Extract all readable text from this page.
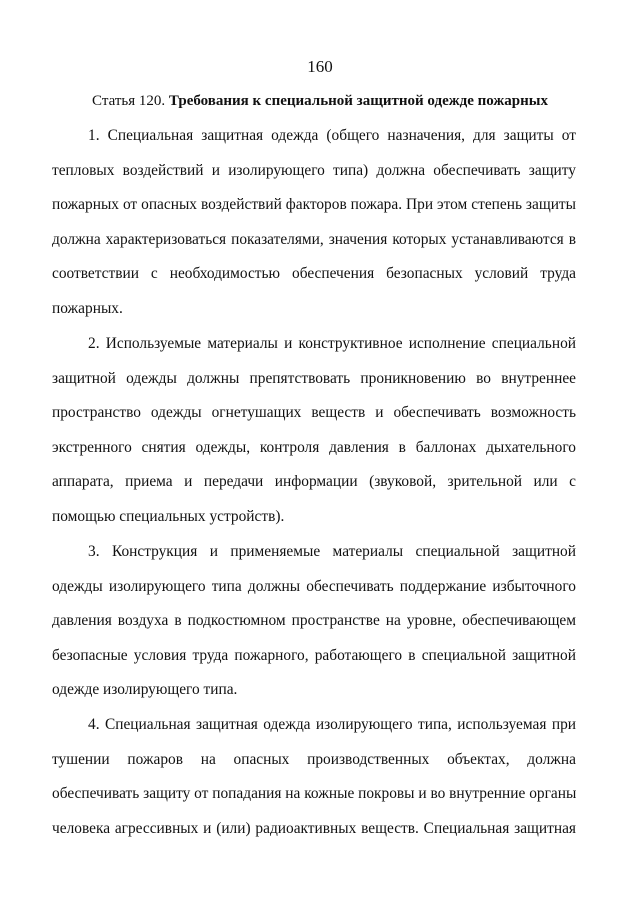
160
Статья 120. Требования к специальной защитной одежде пожарных
1. Специальная защитная одежда (общего назначения, для защиты от
тепловых воздействий и изолирующего типа) должна обеспечивать защиту
пожарных от опасных воздействий факторов пожара. При этом степень защиты
должна характеризоваться показателями, значения которых устанавливаются в
соответствии с необходимостью обеспечения безопасных условий труда
пожарных.
2. Используемые материалы и конструктивное исполнение специальной
защитной одежды должны препятствовать проникновению во внутреннее
пространство одежды огнетушащих веществ и обеспечивать возможность
экстренного снятия одежды, контроля давления в баллонах дыхательного
аппарата, приема и передачи информации (звуковой, зрительной или с
помощью специальных устройств).
3. Конструкция и применяемые материалы специальной защитной
одежды изолирующего типа должны обеспечивать поддержание избыточного
давления воздуха в подкостюмном пространстве на уровне, обеспечивающем
безопасные условия труда пожарного, работающего в специальной защитной
одежде изолирующего типа.
4. Специальная защитная одежда изолирующего типа, используемая при
тушении пожаров на опасных производственных объектах, должна
обеспечивать защиту от попадания на кожные покровы и во внутренние органы
человека агрессивных и (или) радиоактивных веществ. Специальная защитная
